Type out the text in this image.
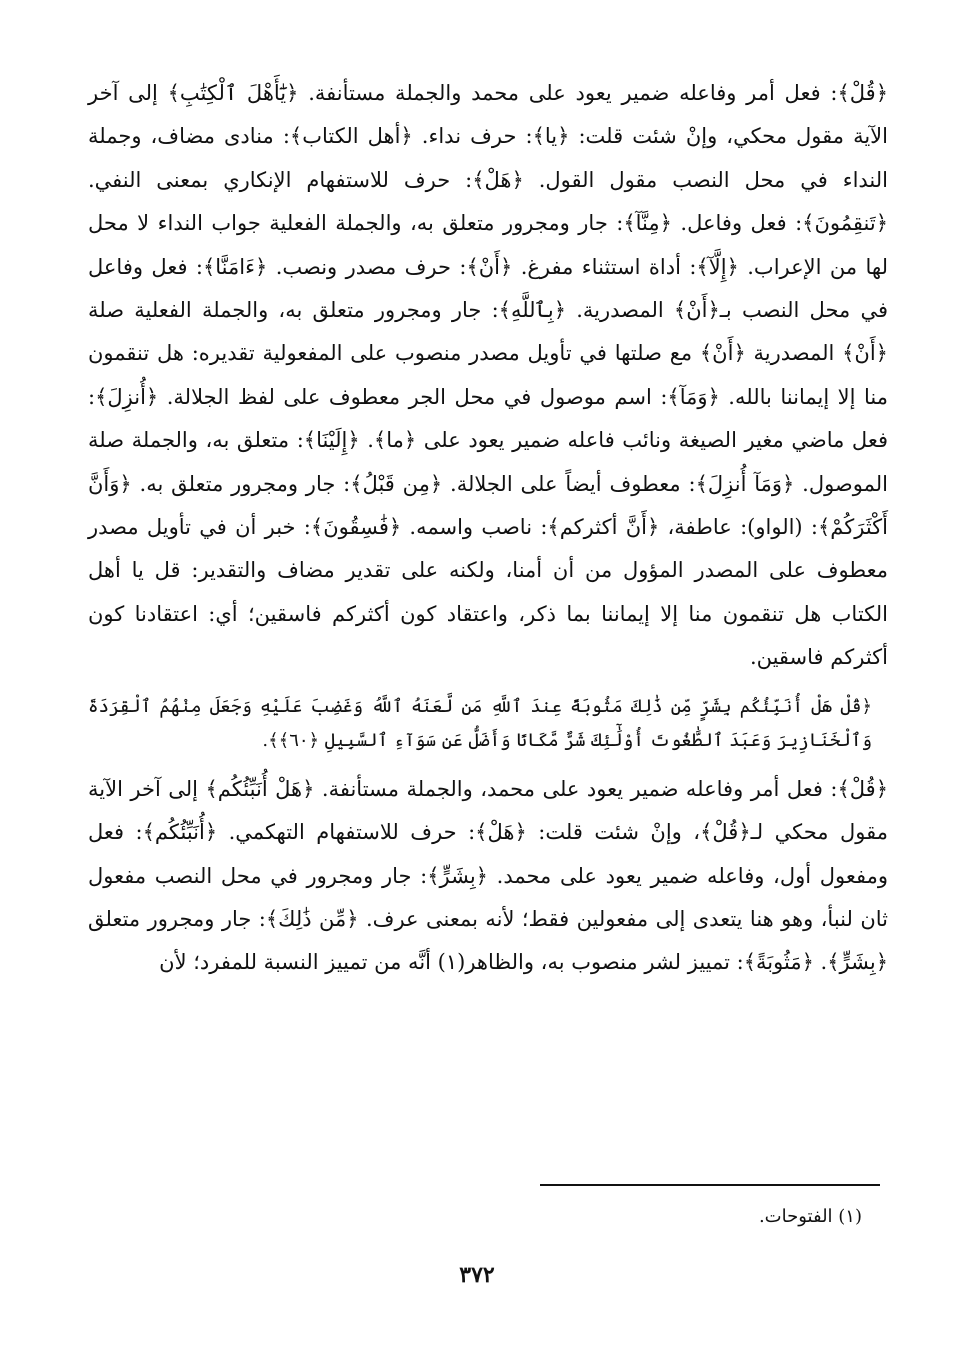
﴿قُلْ﴾: فعل أمر وفاعله ضمير يعود على محمد والجملة مستأنفة. ﴿يَٰٓأَهْلَ ٱلْكِتَٰبِ﴾ إلى آخر الآية مقول محكي، وإنْ شئت قلت: ﴿يا﴾: حرف نداء. ﴿أهل الكتاب﴾: منادى مضاف، وجملة النداء في محل النصب مقول القول. ﴿هَلْ﴾: حرف للاستفهام الإنكاري بمعنى النفي. ﴿تَنقِمُونَ﴾: فعل وفاعل. ﴿مِنَّآ﴾: جار ومجرور متعلق به، والجملة الفعلية جواب النداء لا محل لها من الإعراب. ﴿إِلَّآ﴾: أداة استثناء مفرغ. ﴿أَنْ﴾: حرف مصدر ونصب. ﴿ءَامَنَّا﴾: فعل وفاعل في محل النصب بـ﴿أَنْ﴾ المصدرية. ﴿بِٱللَّهِ﴾: جار ومجرور متعلق به، والجملة الفعلية صلة ﴿أَنْ﴾ المصدرية ﴿أَنْ﴾ مع صلتها في تأويل مصدر منصوب على المفعولية تقديره: هل تنقمون منا إلا إيماننا بالله. ﴿وَمَآ﴾: اسم موصول في محل الجر معطوف على لفظ الجلالة. ﴿أُنزِلَ﴾: فعل ماضي مغير الصيغة ونائب فاعله ضمير يعود على ﴿ما﴾. ﴿إِلَيْنَا﴾: متعلق به، والجملة صلة الموصول. ﴿وَمَآ أُنزِلَ﴾: معطوف أيضاً على الجلالة. ﴿مِن قَبْلُ﴾: جار ومجرور متعلق به. ﴿وَأَنَّ أَكْثَرَكُمْ﴾: (الواو): عاطفة، ﴿أَنَّ أكثركم﴾: ناصب واسمه. ﴿فَٰسِقُونَ﴾: خبر أن في تأويل مصدر معطوف على المصدر المؤول من أن أمنا، ولكنه على تقدير مضاف والتقدير: قل يا أهل الكتاب هل تنقمون منا إلا إيماننا بما ذكر، واعتقاد كون أكثركم فاسقين؛ أي: اعتقادنا كون أكثركم فاسقين.

﴿قُلْ هَلْ أُنَبِّئُكُم بِشَرٍّ مِّن ذَٰلِكَ مَثُوبَةً عِندَ ٱللَّهِ مَن لَّعَنَهُ ٱللَّهُ وَغَضِبَ عَلَيْهِ وَجَعَلَ مِنْهُمُ ٱلْقِرَدَةَ وَٱلْخَنَازِيرَ وَعَبَدَ ٱلطَّٰغُوتَ أُوْلَٰٓئِكَ شَرٌّ مَّكَانًا وَأَضَلُّ عَن سَوَآءِ ٱلسَّبِيلِ ﴿٦٠﴾﴾.

﴿قُلْ﴾: فعل أمر وفاعله ضمير يعود على محمد، والجملة مستأنفة. ﴿هَلْ أُنَبِّئُكُم﴾ إلى آخر الآية مقول محكي لـ﴿قُلْ﴾، وإنْ شئت قلت: ﴿هَلْ﴾: حرف للاستفهام التهكمي. ﴿أُنَبِّئُكُم﴾: فعل ومفعول أول، وفاعله ضمير يعود على محمد. ﴿بِشَرٍّ﴾: جار ومجرور في محل النصب مفعول ثان لنبأ، وهو هنا يتعدى إلى مفعولين فقط؛ لأنه بمعنى عرف. ﴿مِّن ذَٰلِكَ﴾: جار ومجرور متعلق ﴿بِشَرٍّ﴾. ﴿مَثُوبَةً﴾: تمييز لشر منصوب به، والظاهر(١) أنَّه من تمييز النسبة للمفرد؛ لأن

(١) الفتوحات.
٣٧٢
